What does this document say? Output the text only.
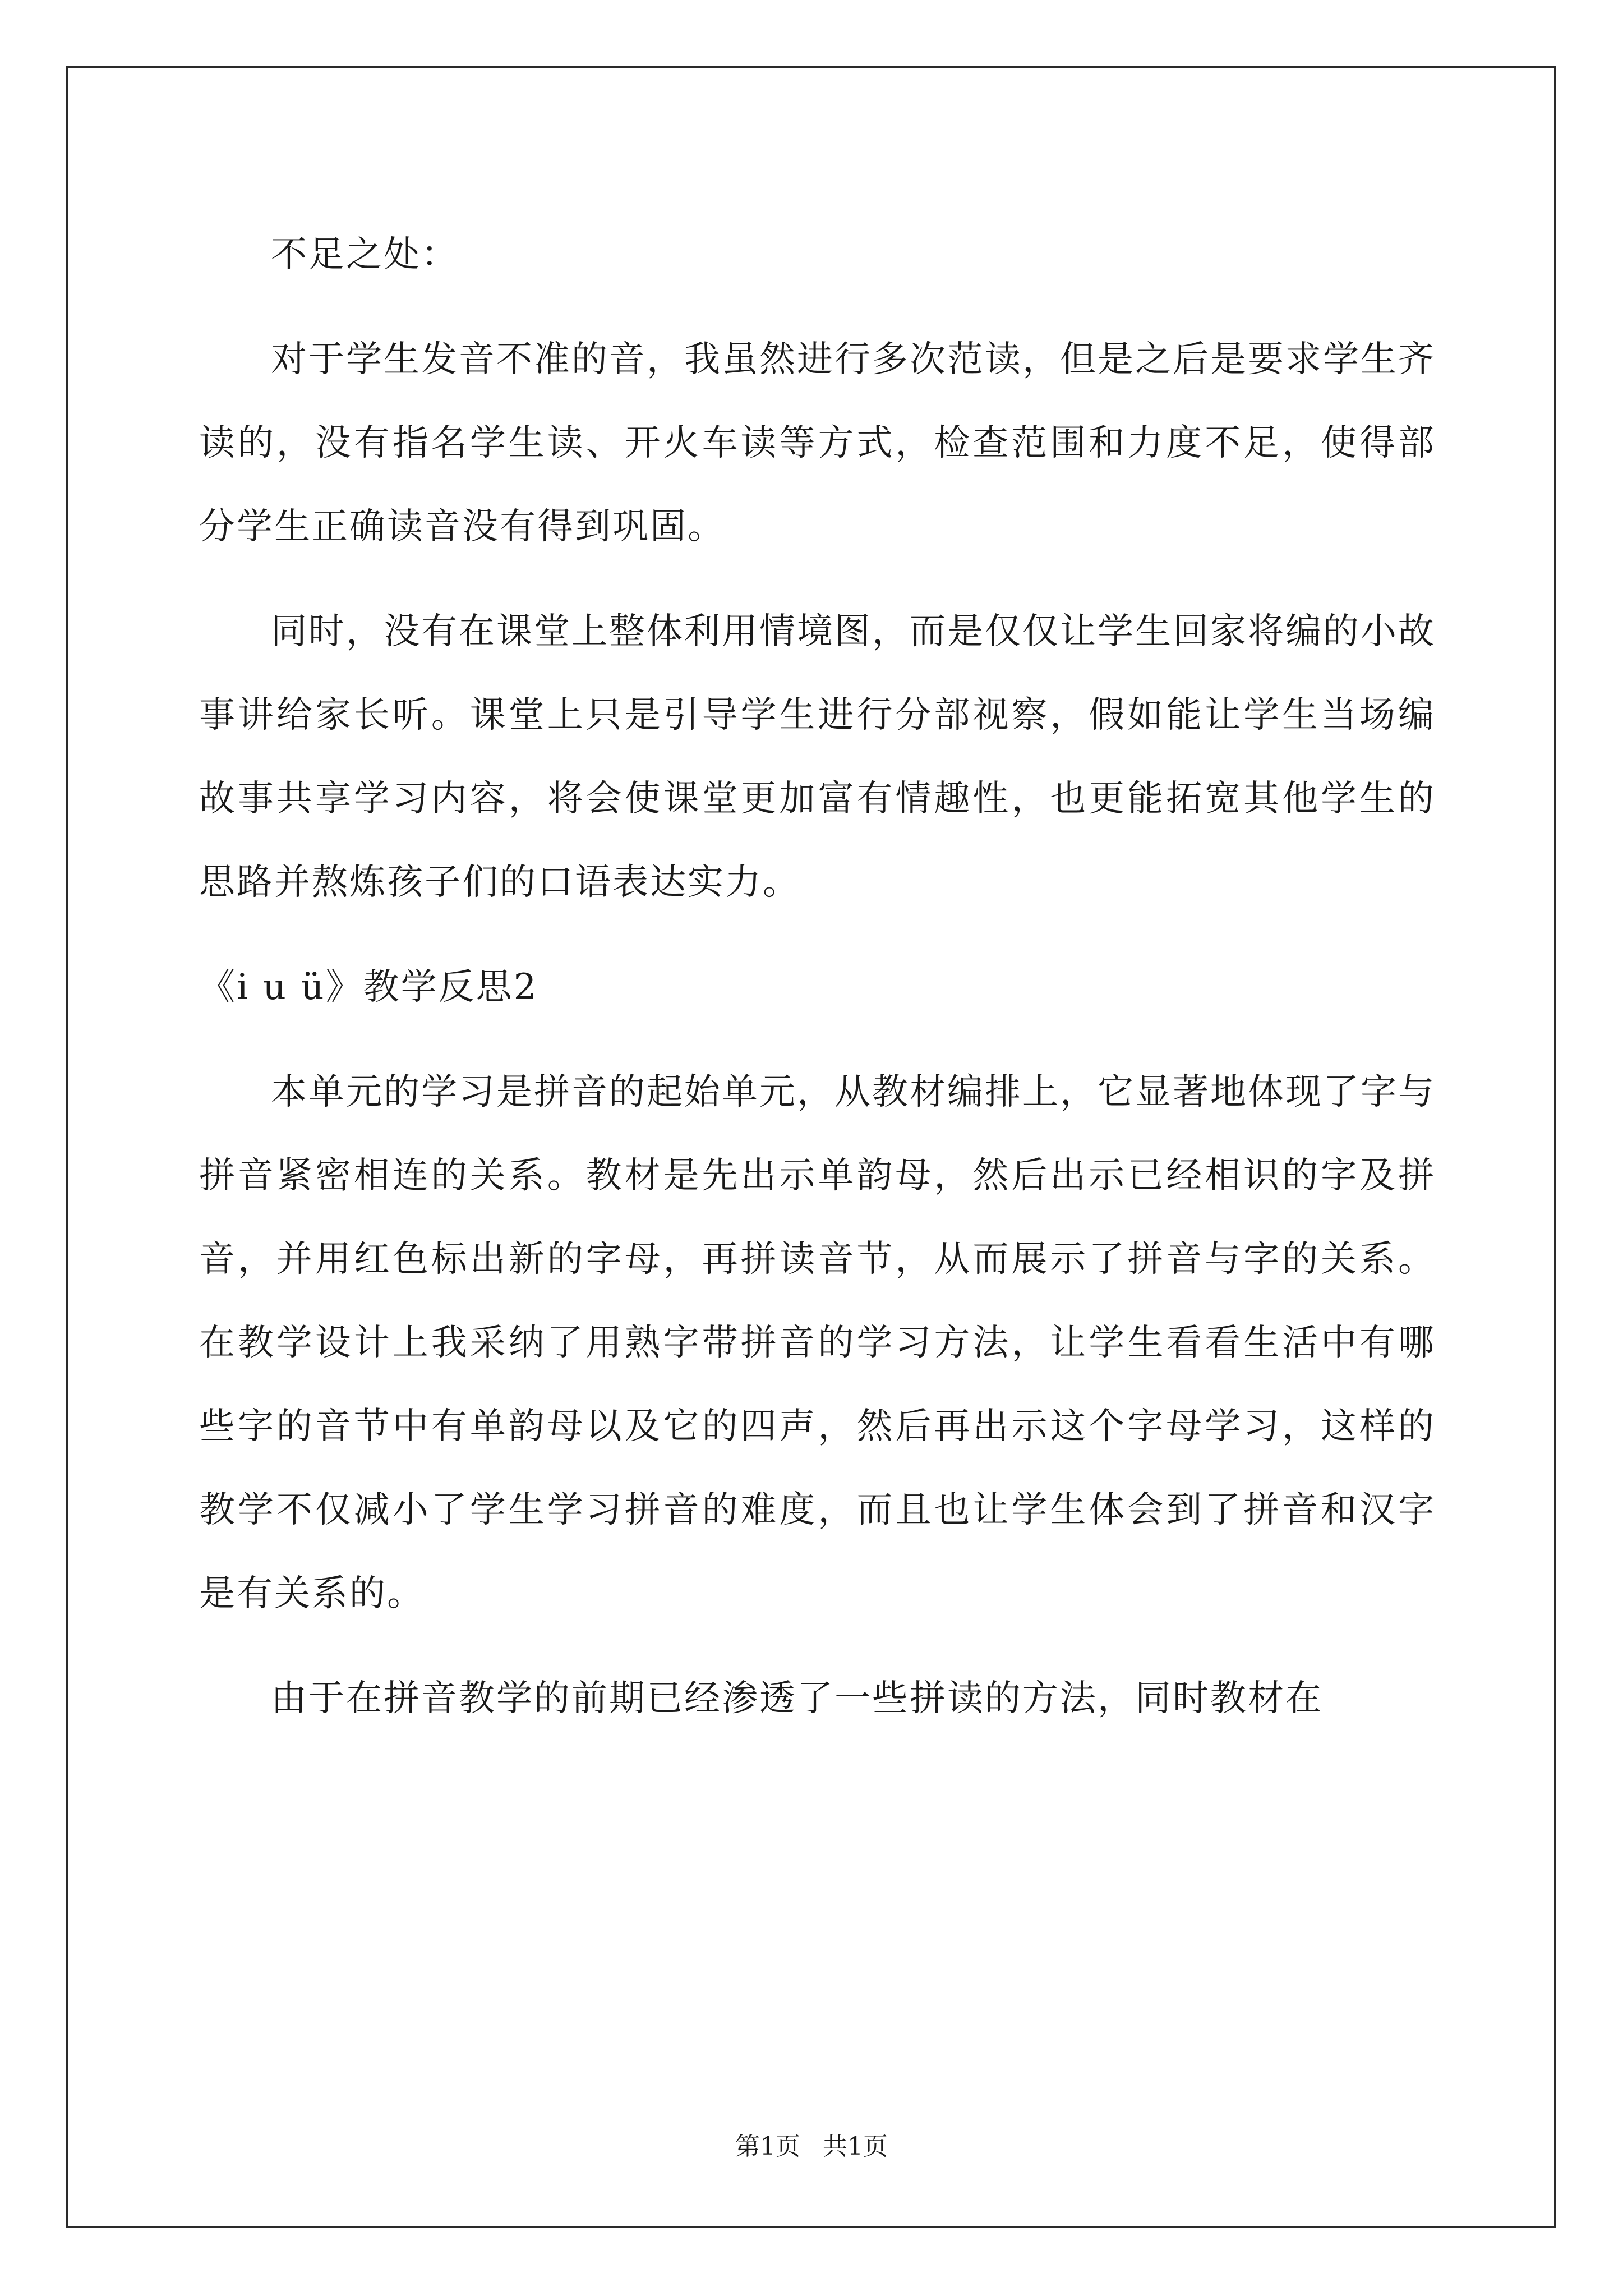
不足之处：

对于学生发音不准的音，我虽然进行多次范读，但是之后是要求学生齐读的，没有指名学生读、开火车读等方式，检查范围和力度不足，使得部分学生正确读音没有得到巩固。

同时，没有在课堂上整体利用情境图，而是仅仅让学生回家将编的小故事讲给家长听。课堂上只是引导学生进行分部视察，假如能让学生当场编故事共享学习内容，将会使课堂更加富有情趣性，也更能拓宽其他学生的思路并熬炼孩子们的口语表达实力。

《i u ü》教学反思2

本单元的学习是拼音的起始单元，从教材编排上，它显著地体现了字与拼音紧密相连的关系。教材是先出示单韵母，然后出示已经相识的字及拼音，并用红色标出新的字母，再拼读音节，从而展示了拼音与字的关系。在教学设计上我采纳了用熟字带拼音的学习方法，让学生看看生活中有哪些字的音节中有单韵母以及它的四声，然后再出示这个字母学习，这样的教学不仅减小了学生学习拼音的难度，而且也让学生体会到了拼音和汉字是有关系的。

由于在拼音教学的前期已经渗透了一些拼读的方法，同时教材在

第1页 共1页
